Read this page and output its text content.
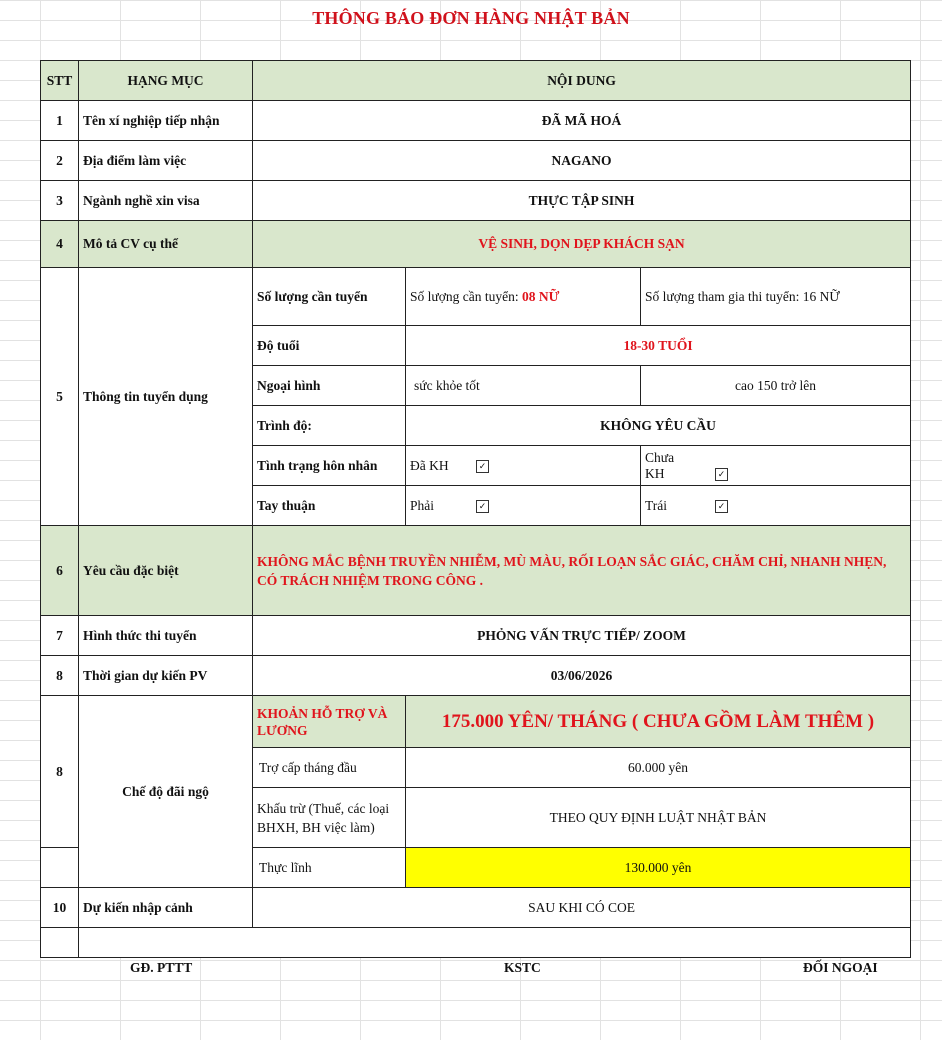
THÔNG BÁO ĐƠN HÀNG NHẬT BẢN
STT	HẠNG MỤC	NỘI DUNG		
1	Tên xí nghiệp tiếp nhận	ĐÃ MÃ HOÁ		
2	Địa điểm làm việc	NAGANO		
3	Ngành nghề xin visa	THỰC TẬP SINH		
4	Mô tả CV cụ thể	VỆ SINH, DỌN DẸP KHÁCH SẠN		
5	Thông tin tuyển dụng	Số lượng cần tuyển	Số lượng cần tuyển: 08 NỮ	Số lượng tham gia thi tuyển: 16 NỮ
		Độ tuổi	18-30 TUỔI	
		Ngoại hình	sức khỏe tốt	cao 150 trở lên
		Trình độ:	KHÔNG YÊU CẦU	
		Tình trạng hôn nhân	Đã KH ✓	Chưa KH ✓
		Tay thuận	Phải ✓	Trái ✓
6	Yêu cầu đặc biệt	KHÔNG MẮC BỆNH TRUYỀN NHIỄM, MÙ MÀU, RỐI LOẠN SẮC GIÁC, CHĂM CHỈ, NHANH NHẸN, CÓ TRÁCH NHIỆM TRONG CÔNG .		
7	Hình thức thi tuyển	PHỎNG VẤN TRỰC TIẾP/ ZOOM		
8	Thời gian dự kiến PV	03/06/2026		
8	Chế độ đãi ngộ	KHOẢN HỖ TRỢ VÀ LƯƠNG	175.000 YÊN/ THÁNG ( CHƯA GỒM LÀM THÊM )	
		Trợ cấp tháng đầu	60.000 yên	
		Khấu trừ (Thuế, các loại BHXH, BH việc làm)	THEO QUY ĐỊNH LUẬT NHẬT BẢN	
		Thực lĩnh	130.000 yên	
10	Dự kiến nhập cảnh	SAU KHI CÓ COE		

GĐ. PTTT	KSTC	ĐỐI NGOẠI
